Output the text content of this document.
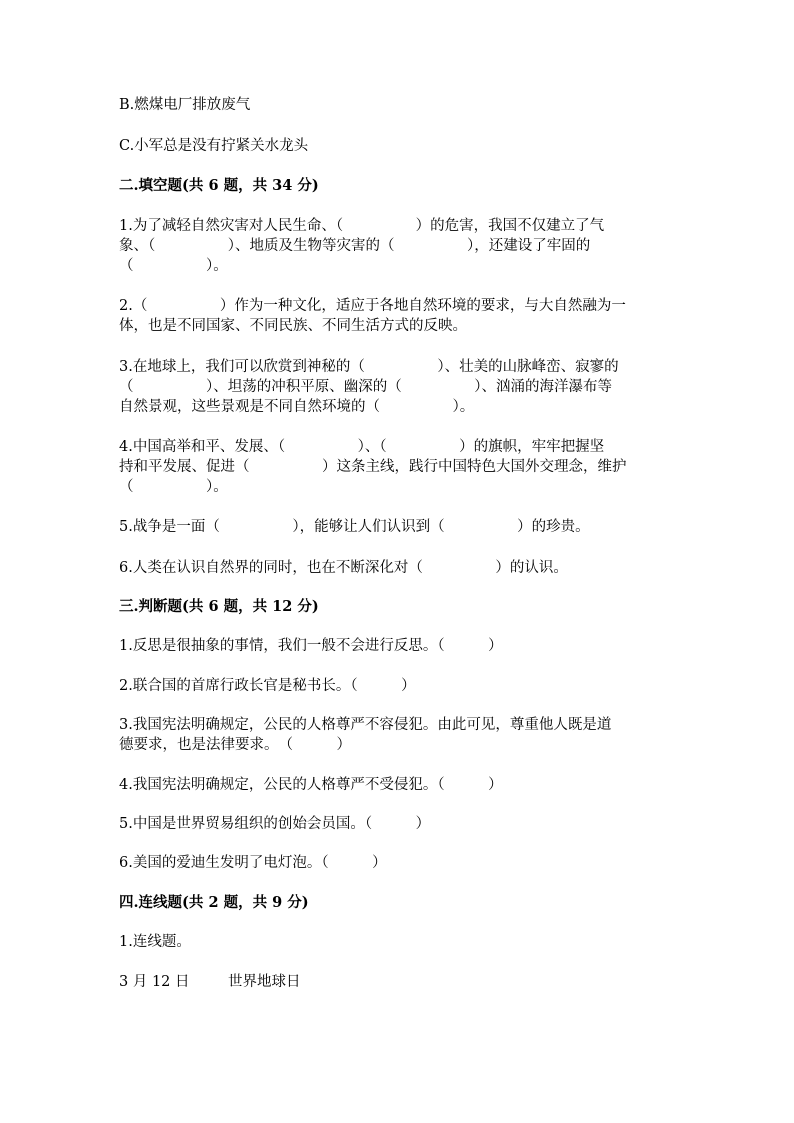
B.燃煤电厂排放废气
C.小军总是没有拧紧关水龙头
二.填空题(共 6 题，共 34 分)
1.为了减轻自然灾害对人民生命、（　　　　　）的危害，我国不仅建立了气
象、（　　　　　）、地质及生物等灾害的（　　　　　），还建设了牢固的
（　　　　　）。
2.（　　　　　）作为一种文化，适应于各地自然环境的要求，与大自然融为一
体，也是不同国家、不同民族、不同生活方式的反映。
3.在地球上，我们可以欣赏到神秘的（　　　　　）、壮美的山脉峰峦、寂寥的
（　　　　　）、坦荡的冲积平原、幽深的（　　　　　）、汹涌的海洋瀑布等
自然景观，这些景观是不同自然环境的（　　　　　）。
4.中国高举和平、发展、（　　　　　）、（　　　　　）的旗帜，牢牢把握坚
持和平发展、促进（　　　　　）这条主线，践行中国特色大国外交理念，维护
（　　　　　）。
5.战争是一面（　　　　　），能够让人们认识到（　　　　　）的珍贵。
6.人类在认识自然界的同时，也在不断深化对（　　　　　）的认识。
三.判断题(共 6 题，共 12 分)
1.反思是很抽象的事情，我们一般不会进行反思。（　　　）
2.联合国的首席行政长官是秘书长。（　　　）
3.我国宪法明确规定，公民的人格尊严不容侵犯。由此可见，尊重他人既是道
德要求，也是法律要求。　（　　　）
4.我国宪法明确规定，公民的人格尊严不受侵犯。（　　　）
5.中国是世界贸易组织的创始会员国。（　　　）
6.美国的爱迪生发明了电灯泡。（　　　）
四.连线题(共 2 题，共 9 分)
1.连线题。
3 月 12 日	世界地球日
